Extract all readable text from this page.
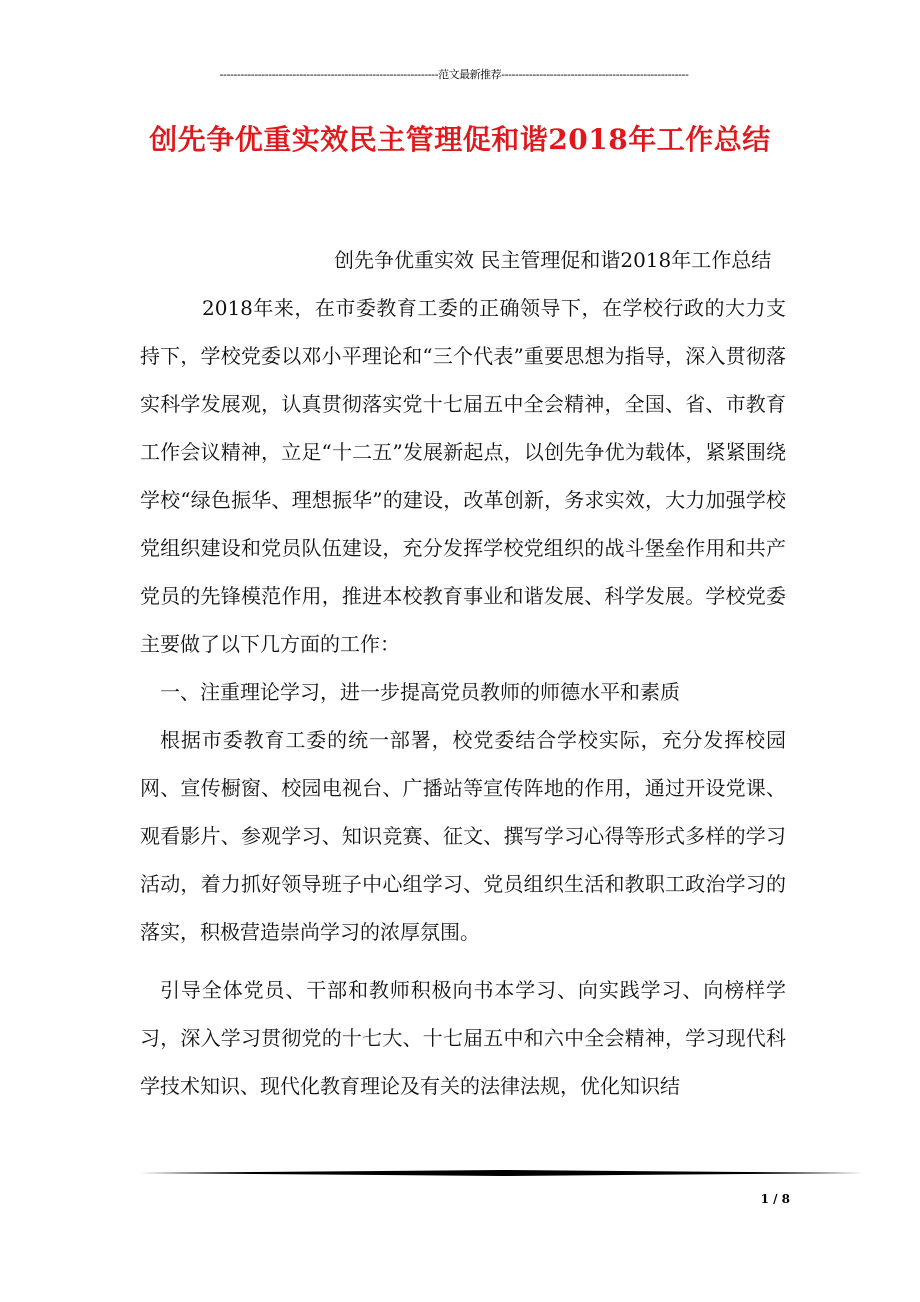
---------------------------------------------------------------范文最新推荐------------------------------------------------------
创先争优重实效民主管理促和谐2018年工作总结

创先争优重实效 民主管理促和谐2018年工作总结

2018年来，在市委教育工委的正确领导下，在学校行政的大力支持下，学校党委以邓小平理论和“三个代表”重要思想为指导，深入贯彻落实科学发展观，认真贯彻落实党十七届五中全会精神，全国、省、市教育工作会议精神，立足“十二五”发展新起点，以创先争优为载体，紧紧围绕学校“绿色振华、理想振华”的建设，改革创新，务求实效，大力加强学校党组织建设和党员队伍建设，充分发挥学校党组织的战斗堡垒作用和共产党员的先锋模范作用，推进本校教育事业和谐发展、科学发展。学校党委主要做了以下几方面的工作：

一、注重理论学习，进一步提高党员教师的师德水平和素质

根据市委教育工委的统一部署，校党委结合学校实际，充分发挥校园网、宣传橱窗、校园电视台、广播站等宣传阵地的作用，通过开设党课、观看影片、参观学习、知识竞赛、征文、撰写学习心得等形式多样的学习活动，着力抓好领导班子中心组学习、党员组织生活和教职工政治学习的落实，积极营造崇尚学习的浓厚氛围。

引导全体党员、干部和教师积极向书本学习、向实践学习、向榜样学习，深入学习贯彻党的十七大、十七届五中和六中全会精神，学习现代科学技术知识、现代化教育理论及有关的法律法规，优化知识结

1 / 8
